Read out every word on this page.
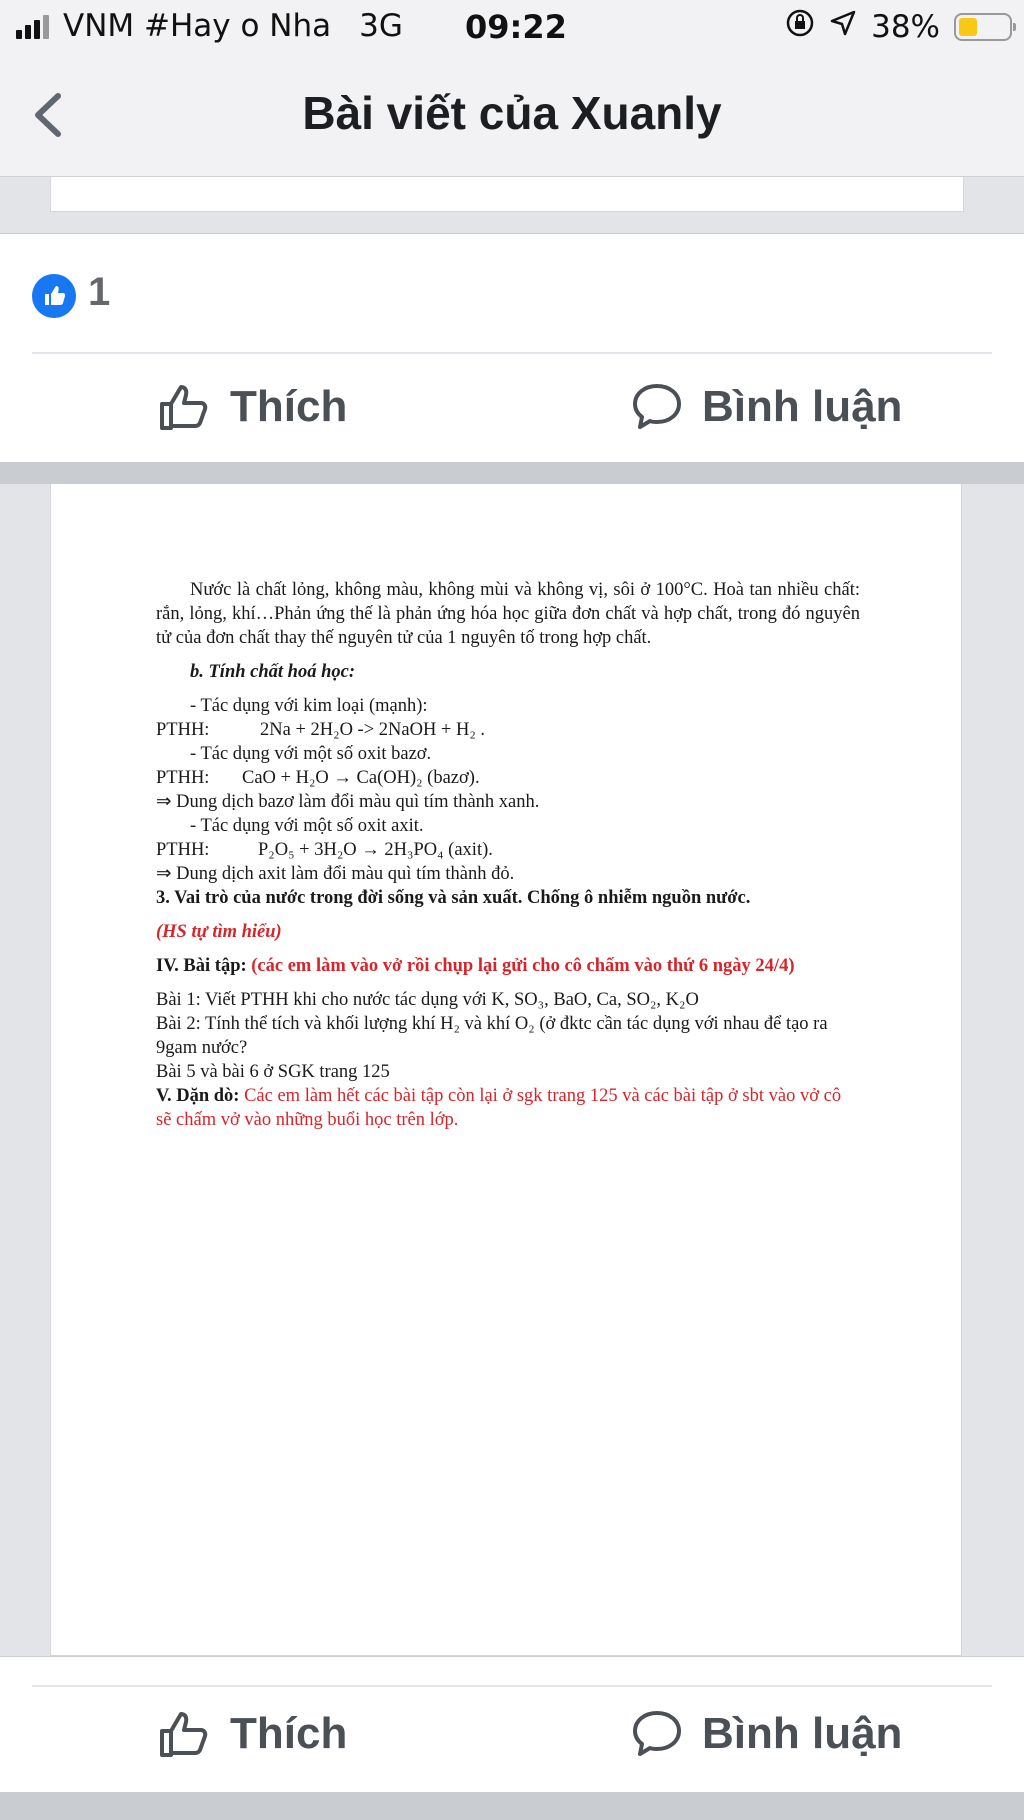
VNM #Hay o Nha 3G 09:22	38%
Bài viết của Xuanly
1
Thích	Bình luận

Nước là chất lỏng, không màu, không mùi và không vị, sôi ở 100°C. Hoà tan nhiều chất: rắn, lỏng, khí…Phản ứng thế là phản ứng hóa học giữa đơn chất và hợp chất, trong đó nguyên tử của đơn chất thay thế nguyên tử của 1 nguyên tố trong hợp chất.

b. Tính chất hoá học:

- Tác dụng với kim loại (mạnh):

PTHH:	2Na + 2H₂O -> 2NaOH + H₂ .

- Tác dụng với một số oxit bazơ.

PTHH: CaO + H₂O → Ca(OH)₂ (bazơ).

⇒ Dung dịch bazơ làm đổi màu quì tím thành xanh.

- Tác dụng với một số oxit axit.

PTHH:	P₂O₅ + 3H₂O → 2H₃PO₄ (axit).

⇒ Dung dịch axit làm đổi màu quì tím thành đỏ.

3. Vai trò của nước trong đời sống và sản xuất. Chống ô nhiễm nguồn nước.

(HS tự tìm hiểu)

IV. Bài tập: (các em làm vào vở rồi chụp lại gửi cho cô chấm vào thứ 6 ngày 24/4)

Bài 1: Viết PTHH khi cho nước tác dụng với K, SO₃, BaO, Ca, SO₂, K₂O

Bài 2: Tính thể tích và khối lượng khí H₂ và khí O₂ (ở đktc cần tác dụng với nhau để tạo ra 9gam nước?

Bài 5 và bài 6 ở SGK trang 125

V. Dặn dò: Các em làm hết các bài tập còn lại ở sgk trang 125 và các bài tập ở sbt vào vở cô sẽ chấm vở vào những buổi học trên lớp.

Thích	Bình luận
